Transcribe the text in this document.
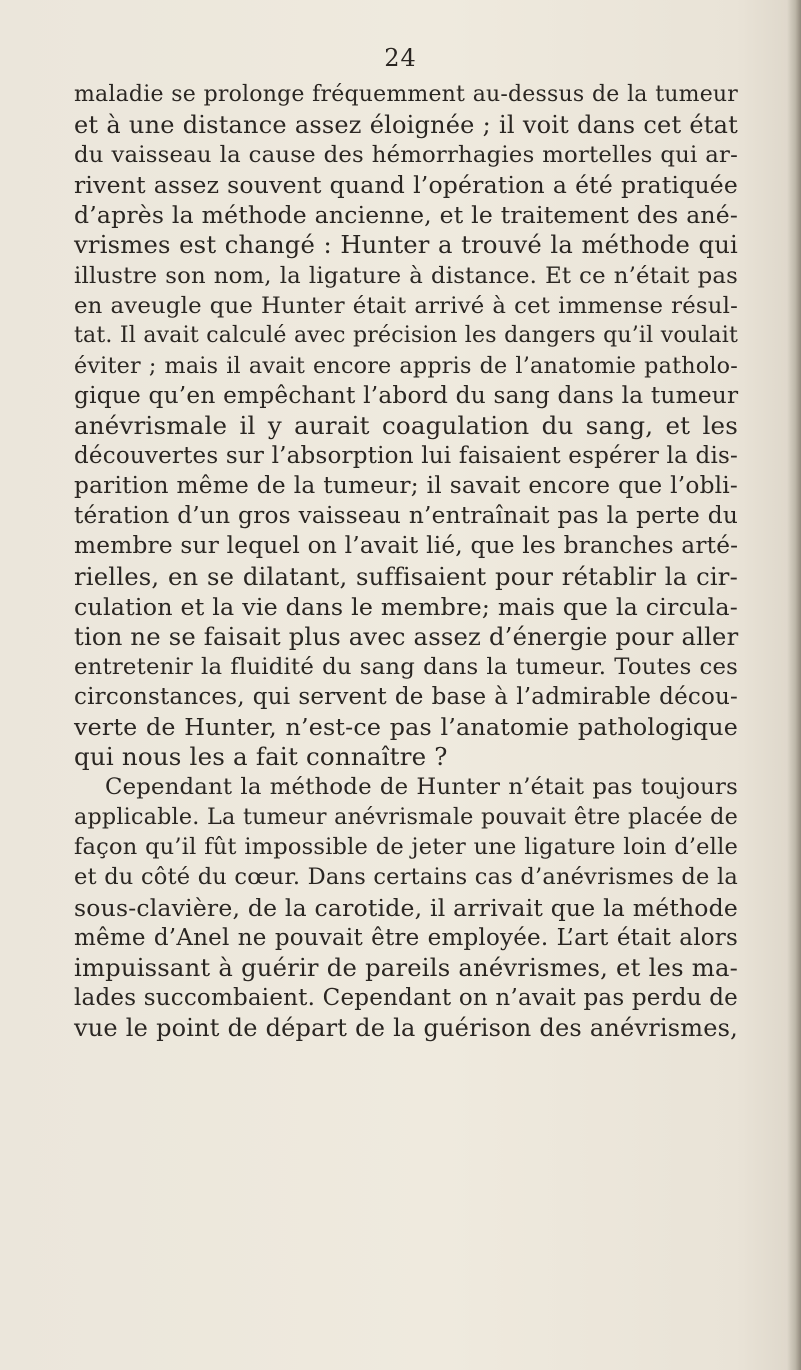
24
maladie se prolonge fréquemment au-dessus de la tumeur
et à une distance assez éloignée ; il voit dans cet état
du vaisseau la cause des hémorrhagies mortelles qui ar-
rivent assez souvent quand l’opération a été pratiquée
d’après la méthode ancienne, et le traitement des ané-
vrismes est changé : Hunter a trouvé la méthode qui
illustre son nom, la ligature à distance. Et ce n’était pas
en aveugle que Hunter était arrivé à cet immense résul-
tat. Il avait calculé avec précision les dangers qu’il voulait
éviter ; mais il avait encore appris de l’anatomie patholo-
gique qu’en empêchant l’abord du sang dans la tumeur
anévrismale il y aurait coagulation du sang, et les
découvertes sur l’absorption lui faisaient espérer la dis-
parition même de la tumeur; il savait encore que l’obli-
tération d’un gros vaisseau n’entraînait pas la perte du
membre sur lequel on l’avait lié, que les branches arté-
rielles, en se dilatant, suffisaient pour rétablir la cir-
culation et la vie dans le membre; mais que la circula-
tion ne se faisait plus avec assez d’énergie pour aller
entretenir la fluidité du sang dans la tumeur. Toutes ces
circonstances, qui servent de base à l’admirable décou-
verte de Hunter, n’est-ce pas l’anatomie pathologique
qui nous les a fait connaître ?
Cependant la méthode de Hunter n’était pas toujours
applicable. La tumeur anévrismale pouvait être placée de
façon qu’il fût impossible de jeter une ligature loin d’elle
et du côté du cœur. Dans certains cas d’anévrismes de la
sous-clavière, de la carotide, il arrivait que la méthode
même d’Anel ne pouvait être employée. L’art était alors
impuissant à guérir de pareils anévrismes, et les ma-
lades succombaient. Cependant on n’avait pas perdu de
vue le point de départ de la guérison des anévrismes,
